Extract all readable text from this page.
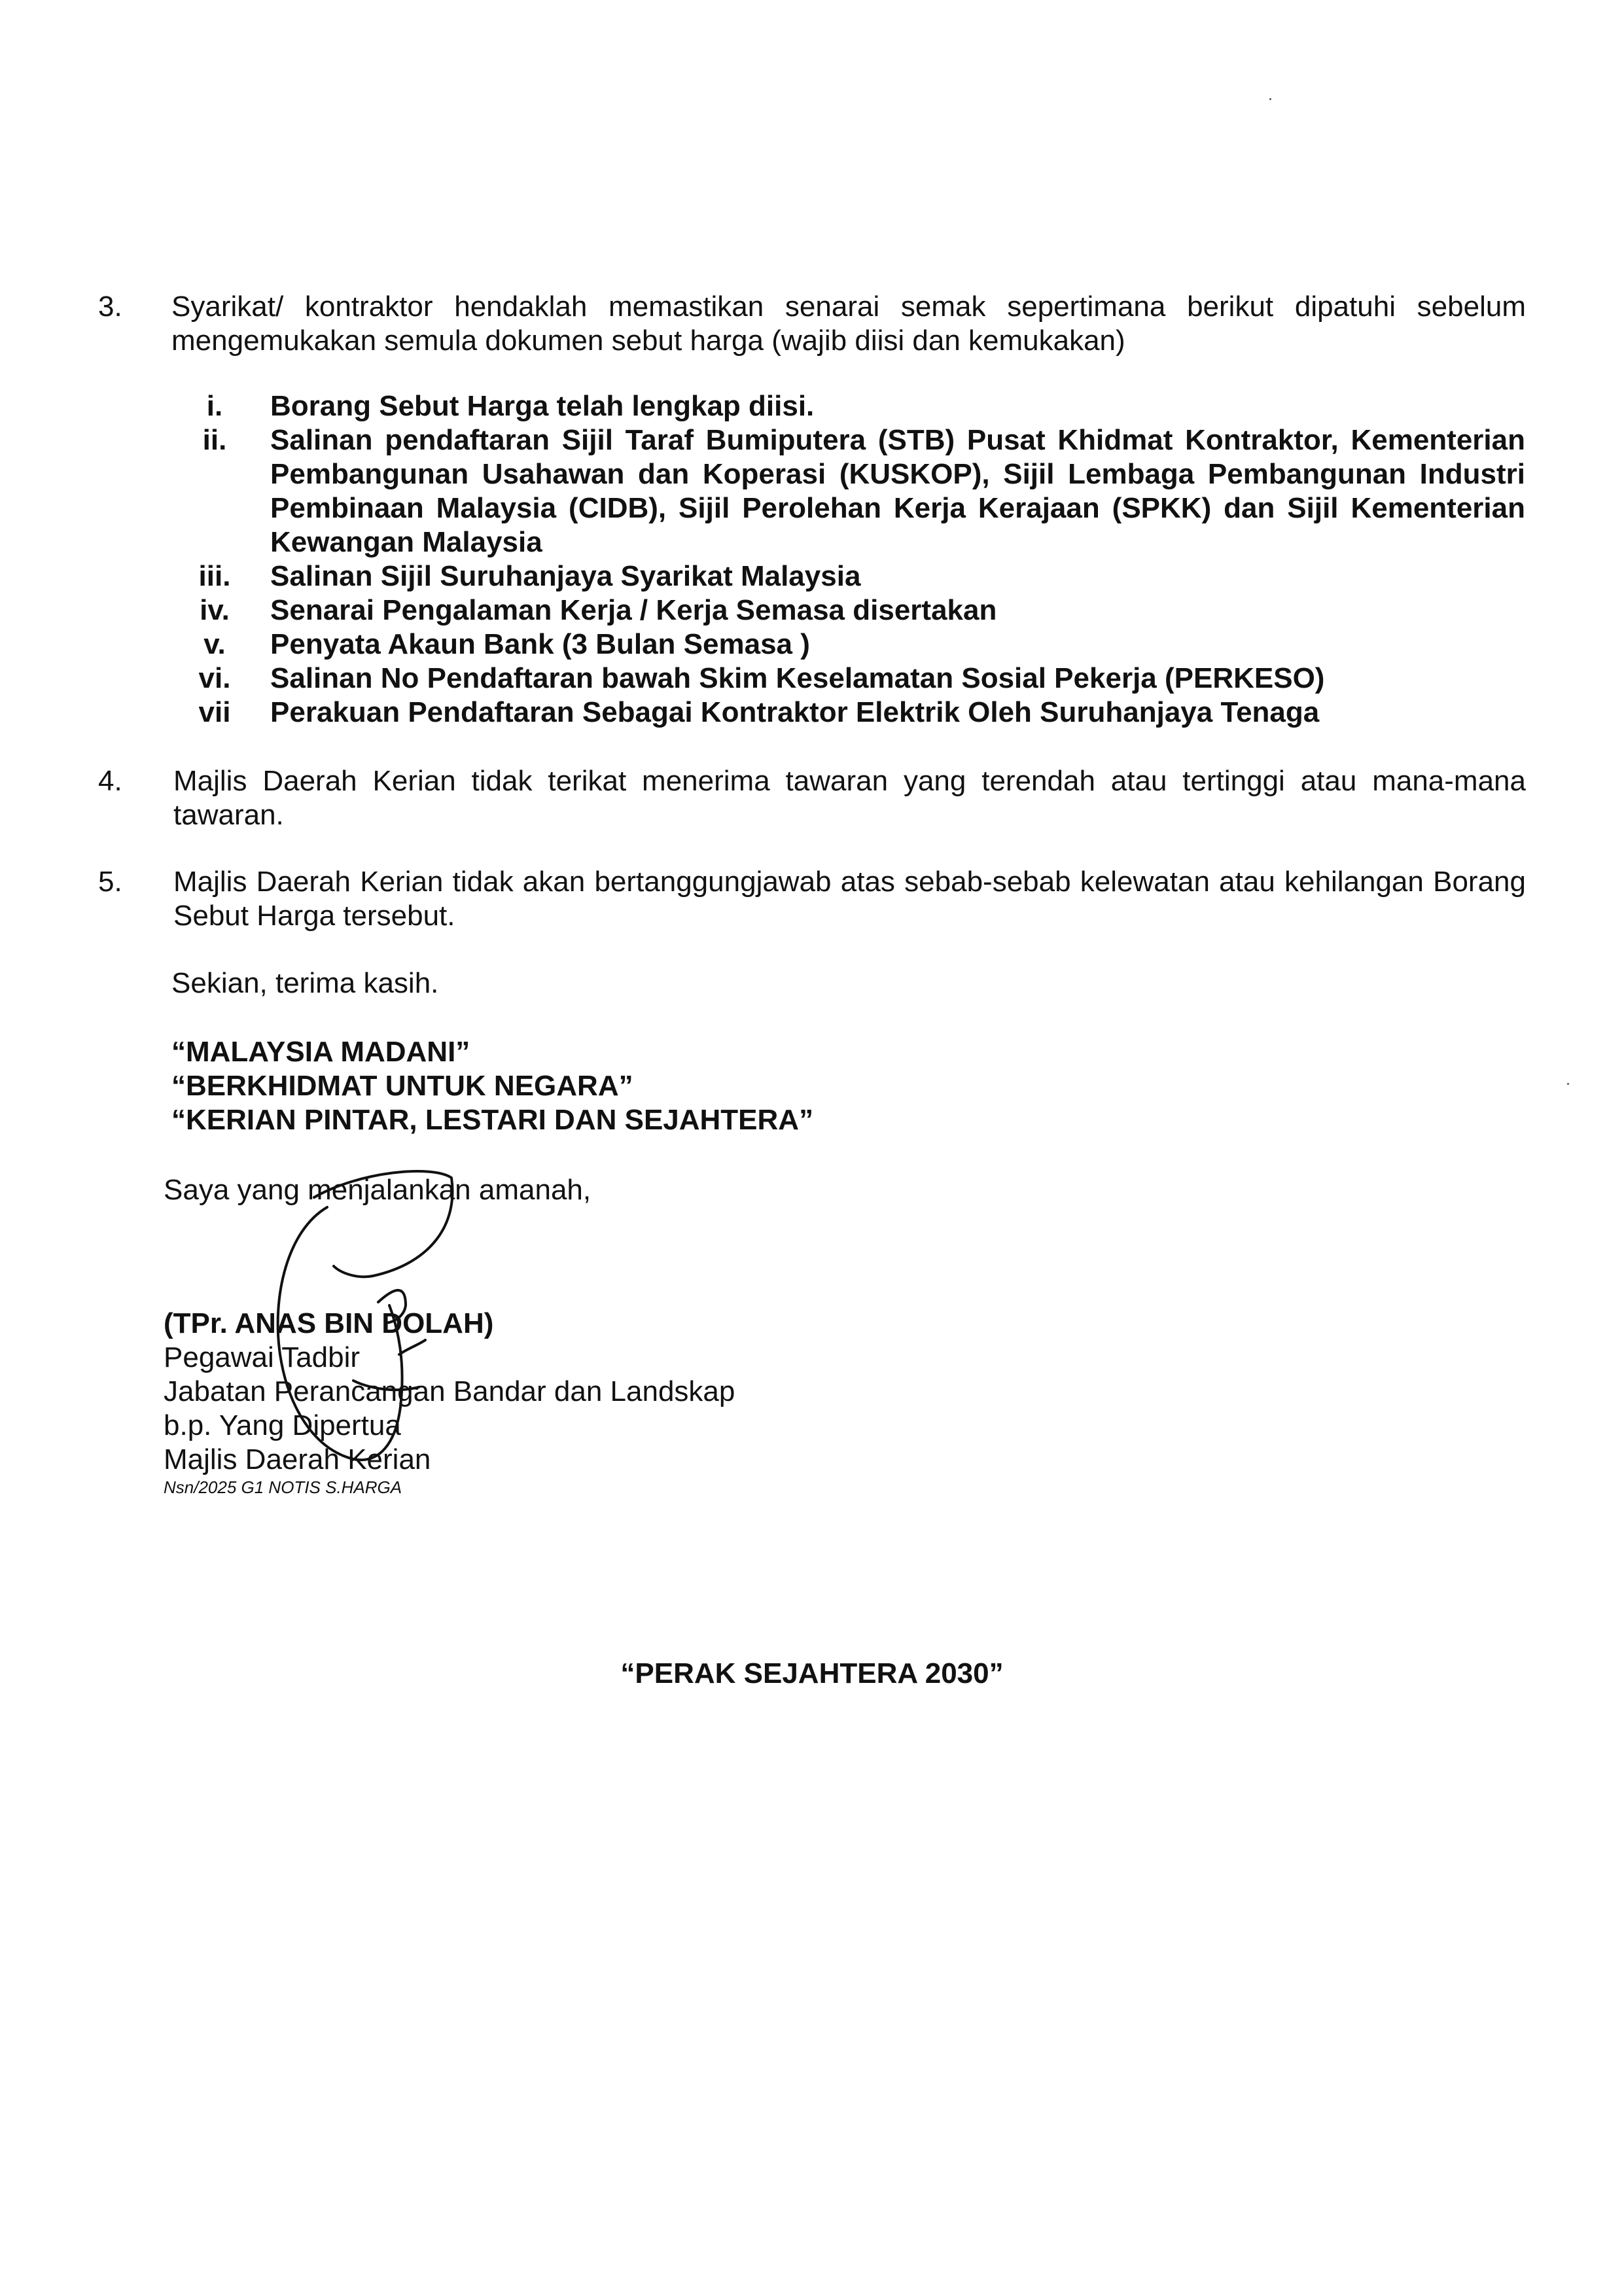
3. Syarikat/ kontraktor hendaklah memastikan senarai semak sepertimana berikut dipatuhi sebelum mengemukakan semula dokumen sebut harga (wajib diisi dan kemukakan)
i.	Borang Sebut Harga telah lengkap diisi.
ii.	Salinan pendaftaran Sijil Taraf Bumiputera (STB) Pusat Khidmat Kontraktor, Kementerian Pembangunan Usahawan dan Koperasi (KUSKOP), Sijil Lembaga Pembangunan Industri Pembinaan Malaysia (CIDB), Sijil Perolehan Kerja Kerajaan (SPKK) dan Sijil Kementerian Kewangan Malaysia
iii.	Salinan Sijil Suruhanjaya Syarikat Malaysia
iv.	Senarai Pengalaman Kerja / Kerja Semasa disertakan
v.	Penyata Akaun Bank (3 Bulan Semasa )
vi.	Salinan No Pendaftaran bawah Skim Keselamatan Sosial Pekerja (PERKESO)
vii	Perakuan Pendaftaran Sebagai Kontraktor Elektrik Oleh Suruhanjaya Tenaga
4. Majlis Daerah Kerian tidak terikat menerima tawaran yang terendah atau tertinggi atau mana-mana tawaran.
5. Majlis Daerah Kerian tidak akan bertanggungjawab atas sebab-sebab kelewatan atau kehilangan Borang Sebut Harga tersebut.
Sekian, terima kasih.
“MALAYSIA MADANI”
“BERKHIDMAT UNTUK NEGARA”
“KERIAN PINTAR, LESTARI DAN SEJAHTERA”
Saya yang menjalankan amanah,
(TPr. ANAS BIN DOLAH)
Pegawai Tadbir
Jabatan Perancangan Bandar dan Landskap
b.p. Yang Dipertua
Majlis Daerah Kerian
Nsn/2025 G1 NOTIS S.HARGA
“PERAK SEJAHTERA 2030”
